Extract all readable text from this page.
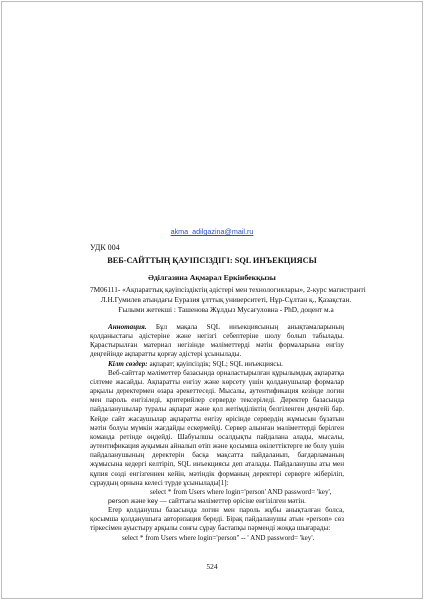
akma_adilgazina@mail.ru
УДК 004
ВЕБ-САЙТТЫҢ ҚАУІПСІЗДІГІ: SQL ИНЪЕКЦИЯСЫ
Әділгазина Ақмарал Еркінбекқызы
7М06111- «Ақпараттық қауіпсіздіктің әдістері мен технологиялары», 2-курс магистранті
Л.Н.Гумилев атындағы Еуразия ұлттық университеті, Нұр-Сұлтан қ., Қазақстан.
Ғылыми жетекші : Ташенова Жұлдыз Мусағуловна - PhD, доцент м.а

Аннотация. Бұл мақала SQL инъекциясының анықтамаларының қолданыстағы әдістеріне және негізгі себептеріне шолу болып табылады. Қарастырылған материал негізінде мәліметтерді мәтін формаларына енгізу деңгейінде ақпаратты қорғау әдістері ұсынылады.

Кілт сөздер: ақпарат; қауіпсіздік; SQL; SQL инъекциясы.

Веб-сайттар мәліметтер базасында орналастырылған құрылымдық ақпаратқа сілтеме жасайды. Ақпаратты енгізу және көрсету үшін қолданушылар формалар арқылы деректермен өзара әрекеттеседі. Мысалы, аутентификация кезінде логин мен пароль енгізіледі, критерийлер серверде тексеріледі. Деректер базасында пайдаланушылар туралы ақпарат және қол жетімділіктің белгіленген деңгейі бар. Кейде сайт жасаушылар ақпаратты енгізу өрісінде сервердің жұмысын бұзатын мәтін болуы мүмкін жағдайды ескермейді. Сервер алынған мәліметтерді берілген команда ретінде өңдейді. Шабуылшы осалдықты пайдалана алады, мысалы, аутентификация ауқымын айналып өтіп және қосымша өкілеттіктерге ие болу үшін пайдаланушының деректерін басқа мақсатта пайдаланып, бағдарламаның жұмысына кедергі келтіріп, SQL инъекциясы деп аталады. Пайдаланушы аты мен құпия сөзді енгізгеннен кейін, мәтіндік форманың деректері серверге жіберіліп, сұраудың орнына келесі түрде ұсынылады[1]:

select * from Users where login='person' AND password= 'key',

person және key — сайттағы мәліметтер өрісіне енгізілген мәтін.

Егер қолданушы базасында логин мен пароль жұбы анықталған болса, қосымша қолданушыға авторизация береді. Бірақ пайдаланушы атын «person» сөз тіркесімен ауыстыру арқылы сонғы сұрау бастапқы пәрменді жоққа шығарады:

select * from Users where login='person'' -- ' AND password= 'key'.

524
